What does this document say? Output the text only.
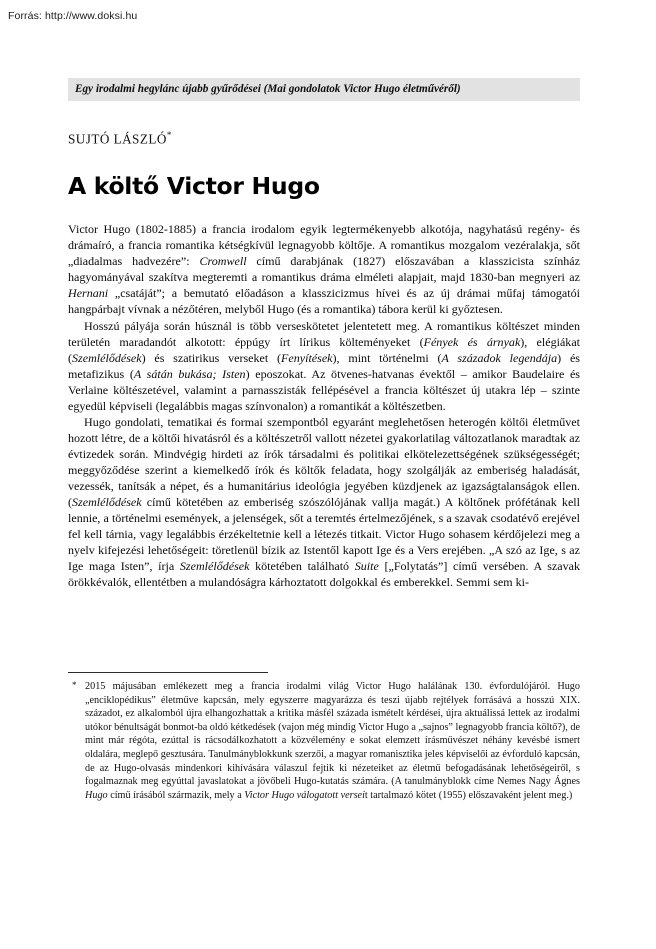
Forrás: http://www.doksi.hu
Egy irodalmi hegylánc újabb gyűrődései (Mai gondolatok Victor Hugo életművéről)
SUJTÓ LÁSZLÓ*
A költő Victor Hugo

Victor Hugo (1802-1885) a francia irodalom egyik legtermékenyebb alkotója, nagyhatású regény- és drámaíró, a francia romantika kétségkívül legnagyobb költője. A romantikus mozgalom vezéralakja, sőt „diadalmas hadvezére”: Cromwell című darabjának (1827) előszavában a klasszicista színház hagyományával szakítva megteremti a romantikus dráma elméleti alapjait, majd 1830-ban megnyeri az Hernani „csatáját”; a bemutató előadáson a klasszicizmus hívei és az új drámai műfaj támogatói hangpárbajt vívnak a nézőtéren, melyből Hugo (és a romantika) tábora kerül ki győztesen.

Hosszú pályája során húsznál is több verseskötetet jelentetett meg. A romantikus költészet minden területén maradandót alkotott: éppúgy írt lírikus költeményeket (Fények és árnyak), elégiákat (Szemlélődések) és szatirikus verseket (Fenyítések), mint történelmi (A századok legendája) és metafizikus (A sátán bukása; Isten) eposzokat. Az ötvenes-hatvanas évektől – amikor Baudelaire és Verlaine költészetével, valamint a parnasszisták fellépésével a francia költészet új utakra lép – szinte egyedül képviseli (legalábbis magas színvonalon) a romantikát a költészetben.

Hugo gondolati, tematikai és formai szempontból egyaránt meglehetősen heterogén költői életművet hozott létre, de a költői hivatásról és a költészetről vallott nézetei gyakorlatilag változatlanok maradtak az évtizedek során. Mindvégig hirdeti az írók társadalmi és politikai elkötelezettségének szükségességét; meggyőződése szerint a kiemelkedő írók és költők feladata, hogy szolgálják az emberiség haladását, vezessék, tanítsák a népet, és a humanitárius ideológia jegyében küzdjenek az igazságtalanságok ellen. (Szemlélődések című kötetében az emberiség szószólójának vallja magát.) A költőnek prófétának kell lennie, a történelmi események, a jelenségek, sőt a teremtés értelmezőjének, s a szavak csodatévő erejével fel kell tárnia, vagy legalábbis érzékeltetnie kell a létezés titkait. Victor Hugo sohasem kérdőjelezi meg a nyelv kifejezési lehetőségeit: töretlenül bízik az Istentől kapott Ige és a Vers erejében. „A szó az Ige, s az Ige maga Isten”, írja Szemlélődések kötetében található Suite [„Folytatás”] című versében. A szavak örökkévalók, ellentétben a mulandóságra kárhoztatott dolgokkal és emberekkel. Semmi sem ki-

* 2015 májusában emlékezett meg a francia irodalmi világ Victor Hugo halálának 130. évfordulójáról. Hugo „enciklopédikus” életműve kapcsán, mely egyszerre magyarázza és teszi újabb rejtélyek forrásává a hosszú XIX. századot, ez alkalomból újra elhangozhattak a kritika másfél százada ismételt kérdései, újra aktuálissá lettek az irodalmi utókor bénultságát bonmot-ba oldó kétkedések (vajon még mindig Victor Hugo a „sajnos” legnagyobb francia költő?), de mint már régóta, ezúttal is rácsodálkozhatott a közvélemény e sokat elemzett írásművészet néhány kevésbé ismert oldalára, meglepő gesztusára. Tanulmányblokkunk szerzői, a magyar romanisztika jeles képviselői az évforduló kapcsán, de az Hugo-olvasás mindenkori kihívására válaszul fejtik ki nézeteiket az életmű befogadásának lehetőségeiről, s fogalmaznak meg egyúttal javaslatokat a jövőbeli Hugo-kutatás számára. (A tanulmányblokk címe Nemes Nagy Ágnes Hugo című írásából származik, mely a Victor Hugo válogatott verseit tartalmazó kötet (1955) előszavaként jelent meg.)
